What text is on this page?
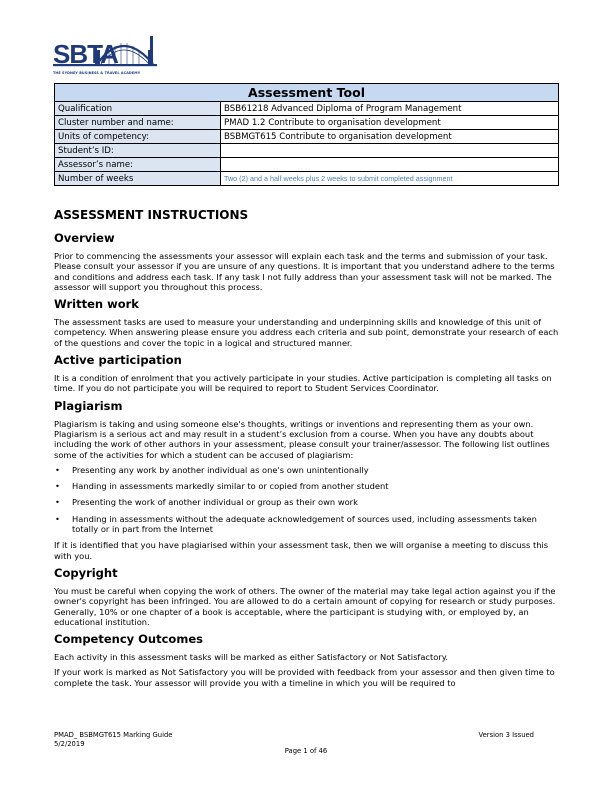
SBTA
THE SYDNEY BUSINESS & TRAVEL ACADEMY
Assessment Tool	
Qualification	BSB61218 Advanced Diploma of Program Management
Cluster number and name:	PMAD 1.2 Contribute to organisation development
Units of competency:	BSBMGT615 Contribute to organisation development
Student’s ID:	
Assessor’s name:	
Number of weeks	Two (2) and a half weeks plus 2 weeks to submit completed assignment
ASSESSMENT INSTRUCTIONS
Overview

Prior to commencing the assessments your assessor will explain each task and the terms and submission of your task. Please consult your assessor if you are unsure of any questions. It is important that you understand adhere to the terms and conditions and address each task. If any task I not fully address than your assessment task will not be marked. The assessor will support you throughout this process.

Written work

The assessment tasks are used to measure your understanding and underpinning skills and knowledge of this unit of competency. When answering please ensure you address each criteria and sub point, demonstrate your research of each of the questions and cover the topic in a logical and structured manner.

Active participation

It is a condition of enrolment that you actively participate in your studies. Active participation is completing all tasks on time. If you do not participate you will be required to report to Student Services Coordinator.

Plagiarism

Plagiarism is taking and using someone else's thoughts, writings or inventions and representing them as your own. Plagiarism is a serious act and may result in a student’s exclusion from a course. When you have any doubts about including the work of other authors in your assessment, please consult your trainer/assessor. The following list outlines some of the activities for which a student can be accused of plagiarism:

• Presenting any work by another individual as one's own unintentionally
• Handing in assessments markedly similar to or copied from another student
• Presenting the work of another individual or group as their own work
• Handing in assessments without the adequate acknowledgement of sources used, including assessments taken totally or in part from the Internet

If it is identified that you have plagiarised within your assessment task, then we will organise a meeting to discuss this with you.

Copyright

You must be careful when copying the work of others. The owner of the material may take legal action against you if the owner's copyright has been infringed. You are allowed to do a certain amount of copying for research or study purposes. Generally, 10% or one chapter of a book is acceptable, where the participant is studying with, or employed by, an educational institution.

Competency Outcomes

Each activity in this assessment tasks will be marked as either Satisfactory or Not Satisfactory.

If your work is marked as Not Satisfactory you will be provided with feedback from your assessor and then given time to complete the task. Your assessor will provide you with a timeline in which you will be required to

PMAD_ BSBMGT615 Marking Guide
5/2/2019
Version 3 Issued
Page 1 of 46
